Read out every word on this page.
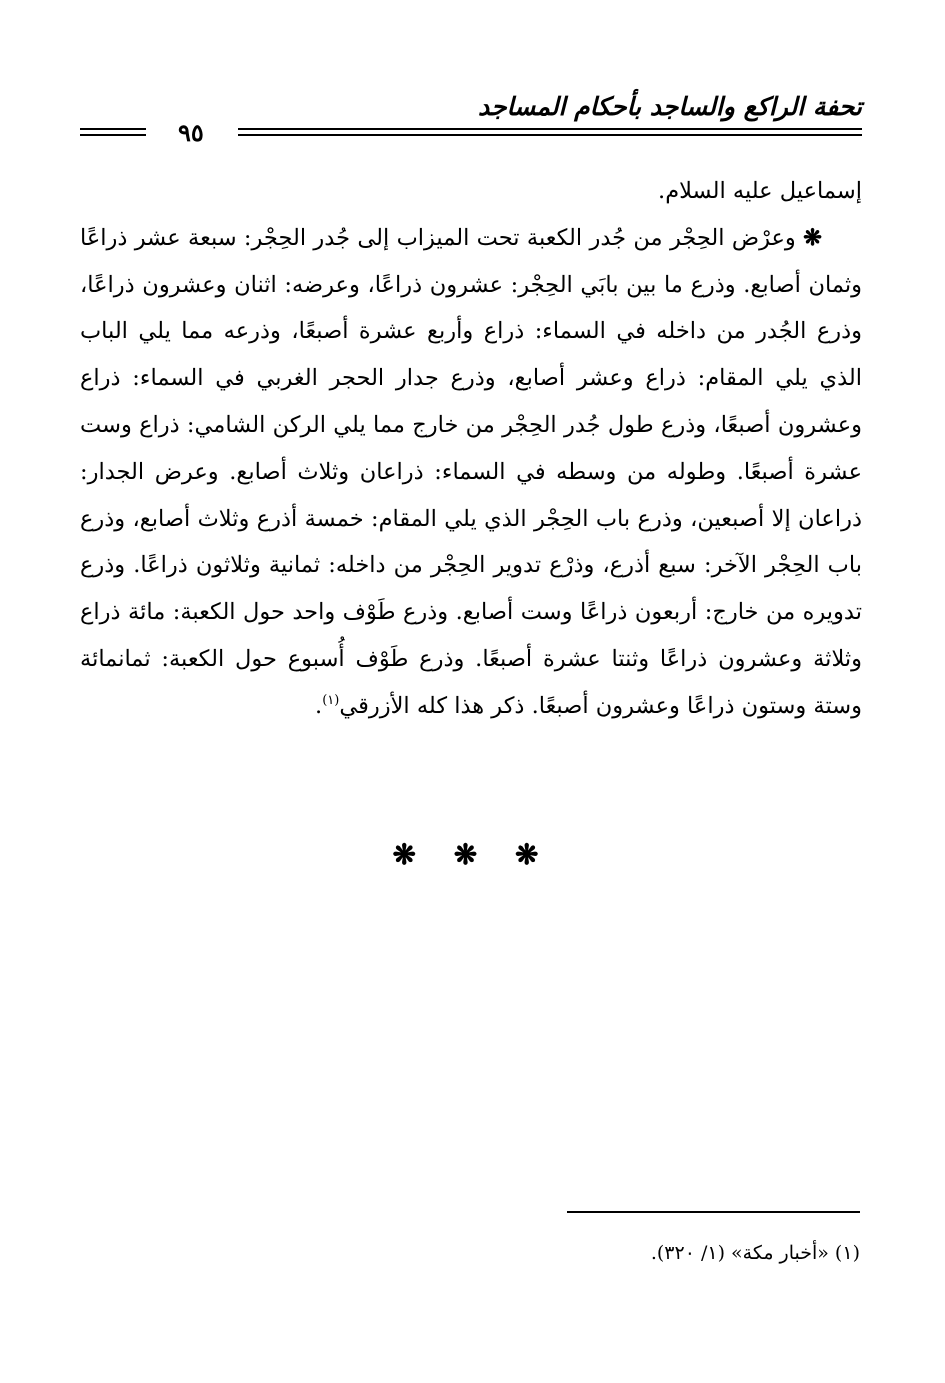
تحفة الراكع والساجد بأحكام المساجد
٩٥

إسماعيل عليه السلام.

❋ وعرْض الحِجْر من جُدر الكعبة تحت الميزاب إلى جُدر الحِجْر: سبعة عشر ذراعًا وثمان أصابع. وذرع ما بين بابَي الحِجْر: عشرون ذراعًا، وعرضه: اثنان وعشرون ذراعًا، وذرع الجُدر من داخله في السماء: ذراع وأربع عشرة أصبعًا، وذرعه مما يلي الباب الذي يلي المقام: ذراع وعشر أصابع، وذرع جدار الحجر الغربي في السماء: ذراع وعشرون أصبعًا، وذرع طول جُدر الحِجْر من خارج مما يلي الركن الشامي: ذراع وست عشرة أصبعًا. وطوله من وسطه في السماء: ذراعان وثلاث أصابع. وعرض الجدار: ذراعان إلا أصبعين، وذرع باب الحِجْر الذي يلي المقام: خمسة أذرع وثلاث أصابع، وذرع باب الحِجْر الآخر: سبع أذرع، وذرْع تدوير الحِجْر من داخله: ثمانية وثلاثون ذراعًا. وذرع تدويره من خارج: أربعون ذراعًا وست أصابع. وذرع طَوْف واحد حول الكعبة: مائة ذراع وثلاثة وعشرون ذراعًا وثنتا عشرة أصبعًا. وذرع طَوْف أُسبوع حول الكعبة: ثمانمائة وستة وستون ذراعًا وعشرون أصبعًا. ذكر هذا كله الأزرقي$^{(١)}$.

❋ ❋ ❋
(١) «أخبار مكة» (١/ ٣٢٠).
